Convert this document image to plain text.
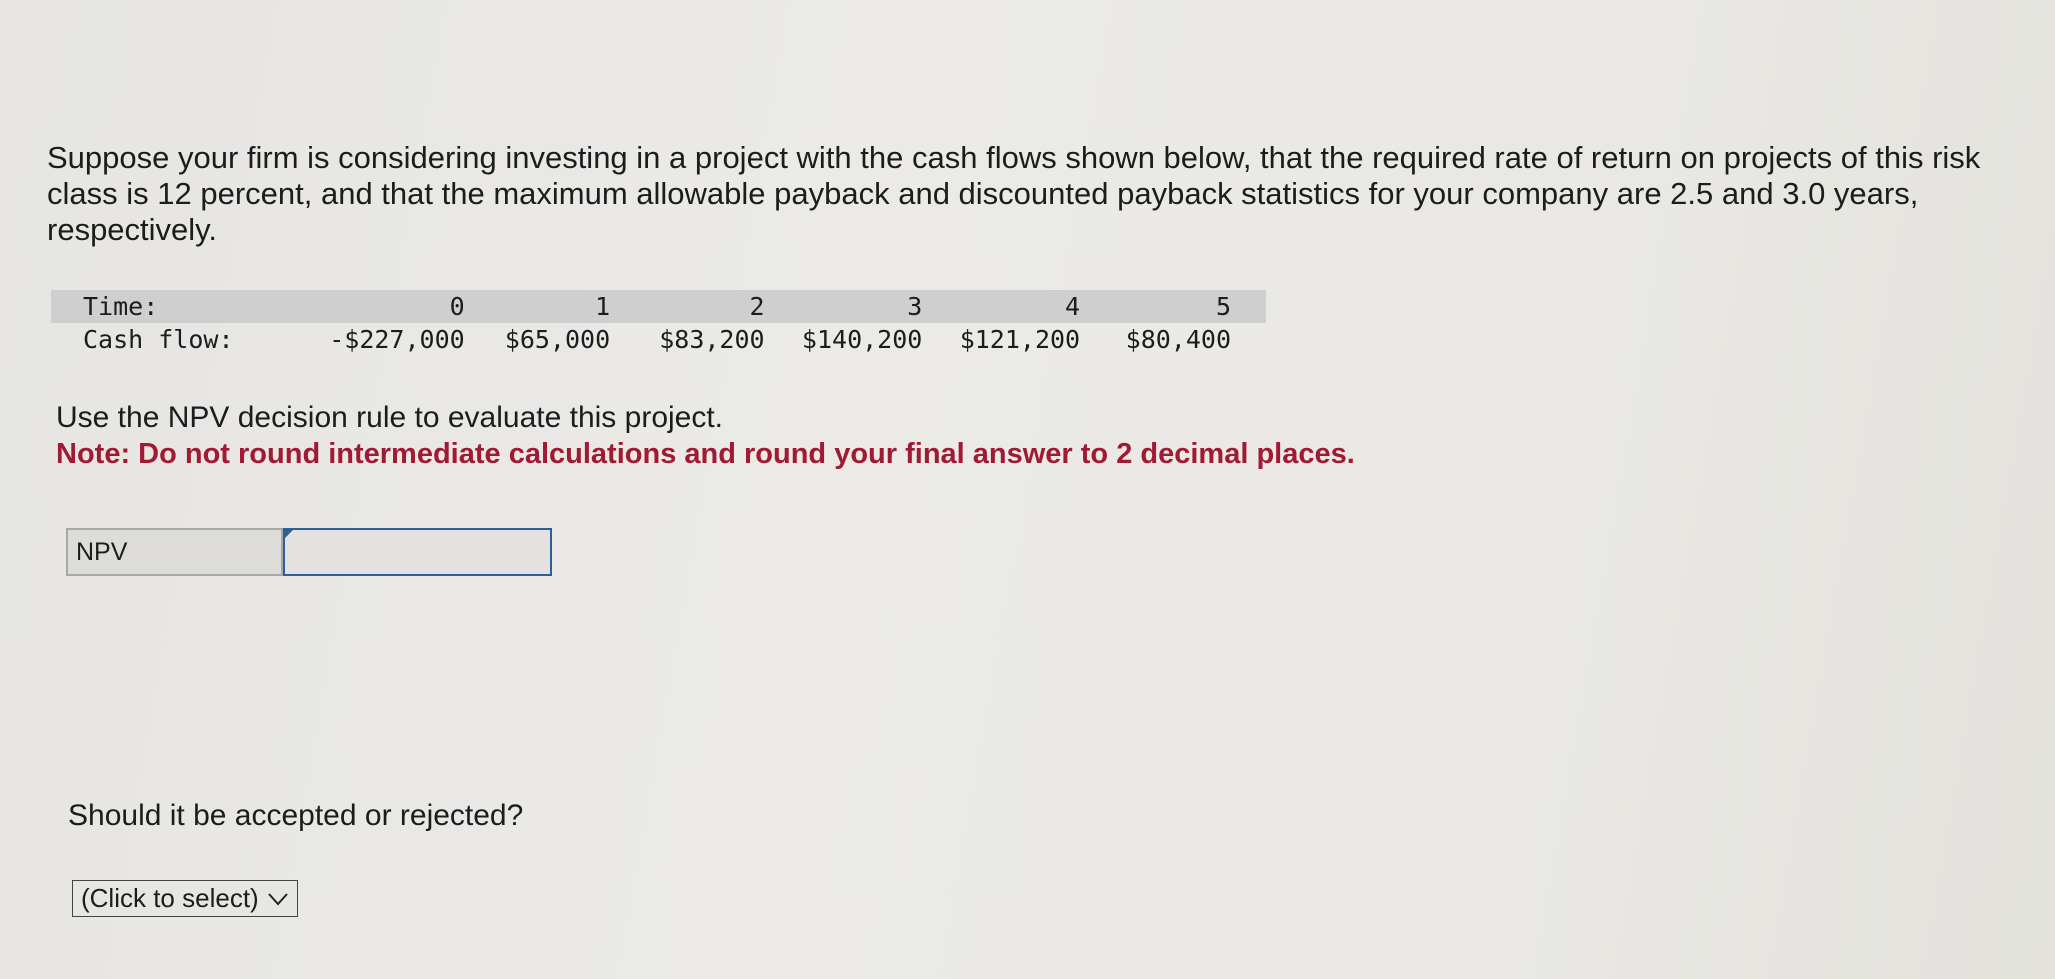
Suppose your firm is considering investing in a project with the cash flows shown below, that the required rate of return on projects of this risk class is 12 percent, and that the maximum allowable payback and discounted payback statistics for your company are 2.5 and 3.0 years, respectively.

Time:	0	1	2	3	4	5
Cash flow:	-$227,000	$65,000	$83,200	$140,200	$121,200	$80,400

Use the NPV decision rule to evaluate this project.

Note: Do not round intermediate calculations and round your final answer to 2 decimal places.

NPV

Should it be accepted or rejected?

(Click to select)
